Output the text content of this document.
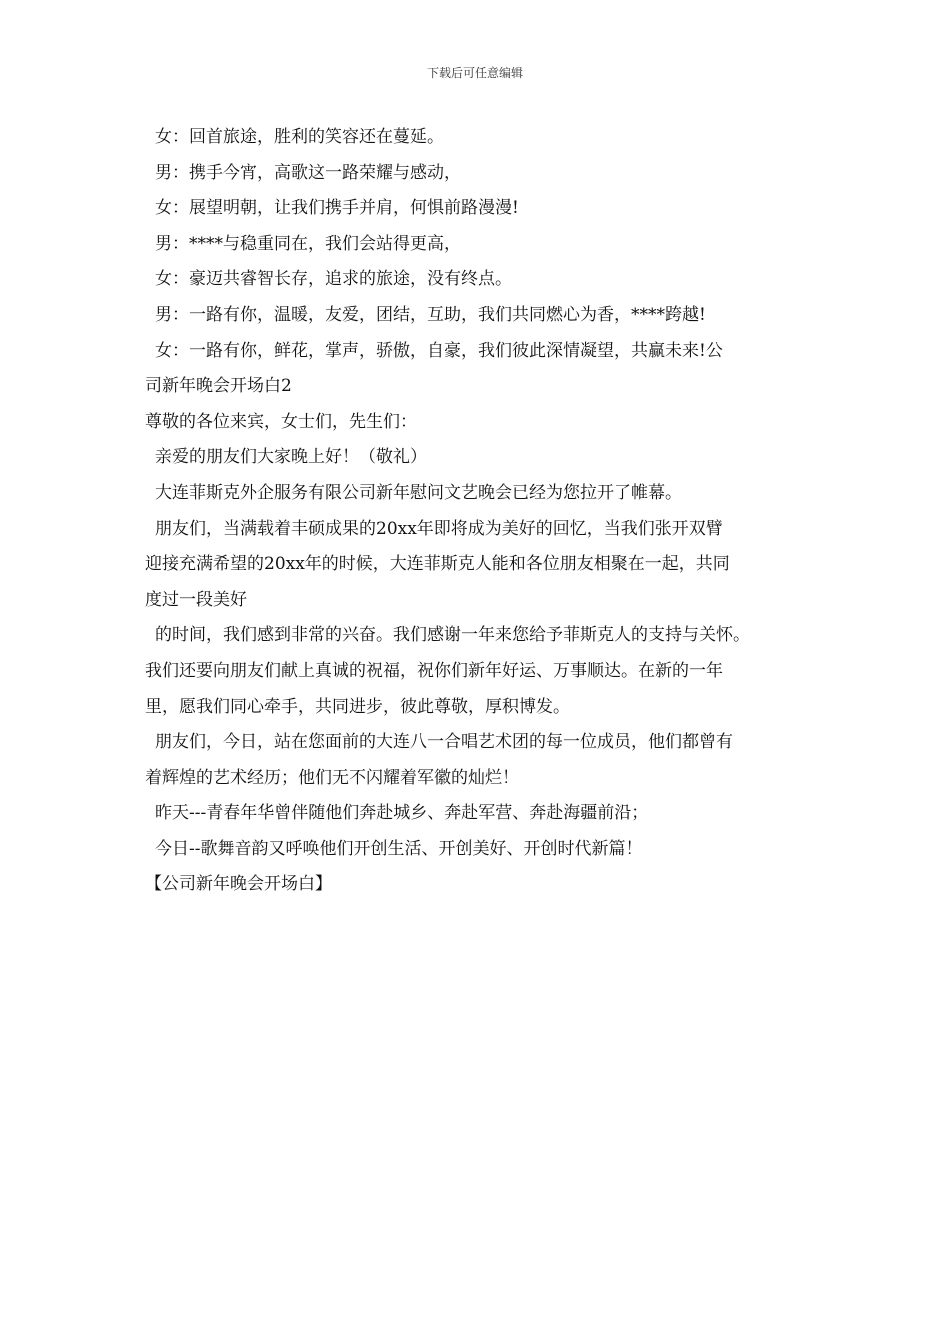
下载后可任意编辑
女：回首旅途，胜利的笑容还在蔓延。
男：携手今宵，高歌这一路荣耀与感动，
女：展望明朝，让我们携手并肩，何惧前路漫漫!
男：****与稳重同在，我们会站得更高，
女：豪迈共睿智长存，追求的旅途，没有终点。
男：一路有你，温暖，友爱，团结，互助，我们共同燃心为香，****跨越!
女：一路有你，鲜花，掌声，骄傲，自豪，我们彼此深情凝望，共赢未来!公
司新年晚会开场白2
尊敬的各位来宾，女士们，先生们：
亲爱的朋友们大家晚上好！（敬礼）
大连菲斯克外企服务有限公司新年慰问文艺晚会已经为您拉开了帷幕。
朋友们，当满载着丰硕成果的20xx年即将成为美好的回忆，当我们张开双臂
迎接充满希望的20xx年的时候，大连菲斯克人能和各位朋友相聚在一起，共同
度过一段美好
的时间，我们感到非常的兴奋。我们感谢一年来您给予菲斯克人的支持与关怀。
我们还要向朋友们献上真诚的祝福，祝你们新年好运、万事顺达。在新的一年
里，愿我们同心牵手，共同进步，彼此尊敬，厚积博发。
朋友们，今日，站在您面前的大连八一合唱艺术团的每一位成员，他们都曾有
着辉煌的艺术经历；他们无不闪耀着军徽的灿烂！
昨天---青春年华曾伴随他们奔赴城乡、奔赴军营、奔赴海疆前沿；
今日--歌舞音韵又呼唤他们开创生活、开创美好、开创时代新篇！
【公司新年晚会开场白】
